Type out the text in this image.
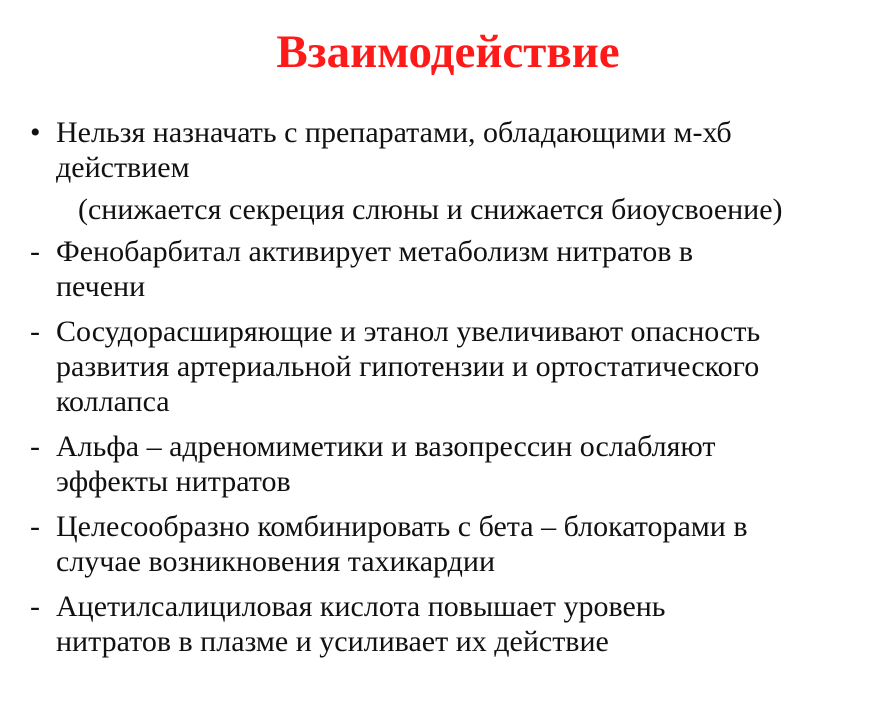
Взаимодействие
• Нельзя назначать с препаратами, обладающими м-хб действием
(снижается секреция слюны и снижается биоусвоение)
- Фенобарбитал активирует метаболизм нитратов в печени
- Сосудорасширяющие и этанол увеличивают опасность развития артериальной гипотензии и ортостатического коллапса
- Альфа – адреномиметики и вазопрессин ослабляют эффекты нитратов
- Целесообразно комбинировать с бета – блокаторами в случае возникновения тахикардии
- Ацетилсалициловая кислота повышает уровень нитратов в плазме и усиливает их действие
